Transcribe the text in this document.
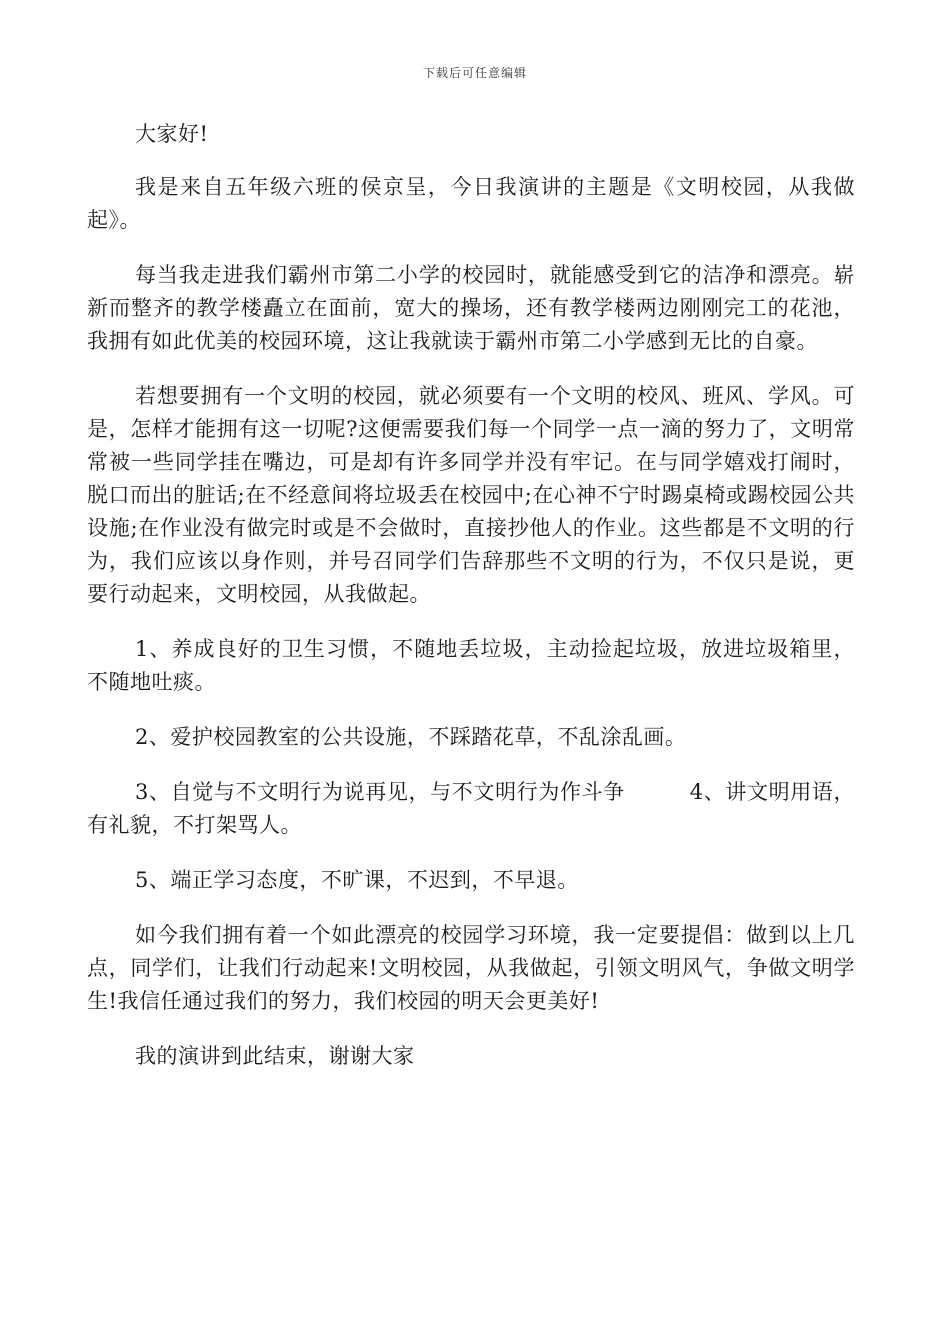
下载后可任意编辑

大家好!

我是来自五年级六班的侯京呈，今日我演讲的主题是《文明校园，从我做起》。

每当我走进我们霸州市第二小学的校园时，就能感受到它的洁净和漂亮。崭新而整齐的教学楼矗立在面前，宽大的操场，还有教学楼两边刚刚完工的花池，我拥有如此优美的校园环境，这让我就读于霸州市第二小学感到无比的自豪。

若想要拥有一个文明的校园，就必须要有一个文明的校风、班风、学风。可是，怎样才能拥有这一切呢?这便需要我们每一个同学一点一滴的努力了，文明常常被一些同学挂在嘴边，可是却有许多同学并没有牢记。在与同学嬉戏打闹时，脱口而出的脏话;在不经意间将垃圾丢在校园中;在心神不宁时踢桌椅或踢校园公共设施;在作业没有做完时或是不会做时，直接抄他人的作业。这些都是不文明的行为，我们应该以身作则，并号召同学们告辞那些不文明的行为，不仅只是说，更要行动起来，文明校园，从我做起。

1、养成良好的卫生习惯，不随地丢垃圾，主动捡起垃圾，放进垃圾箱里，不随地吐痰。

2、爱护校园教室的公共设施，不踩踏花草，不乱涂乱画。

3、自觉与不文明行为说再见，与不文明行为作斗争　　　4、讲文明用语，有礼貌，不打架骂人。

5、端正学习态度，不旷课，不迟到，不早退。

如今我们拥有着一个如此漂亮的校园学习环境，我一定要提倡：做到以上几点，同学们，让我们行动起来!文明校园，从我做起，引领文明风气，争做文明学生!我信任通过我们的努力，我们校园的明天会更美好!

我的演讲到此结束，谢谢大家
